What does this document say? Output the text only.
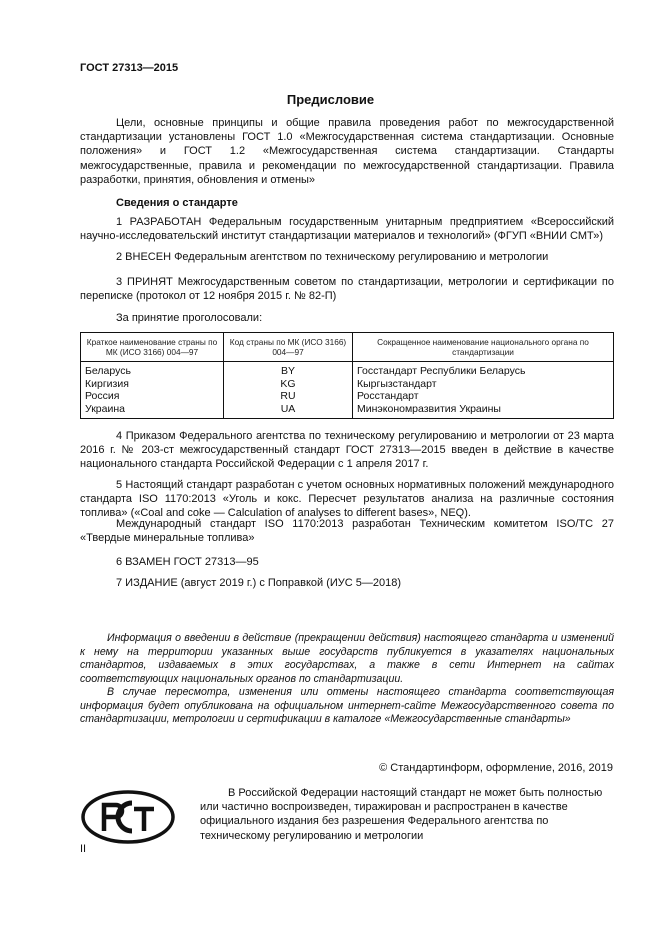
ГОСТ 27313—2015
Предисловие
Цели, основные принципы и общие правила проведения работ по межгосударственной стандартизации установлены ГОСТ 1.0 «Межгосударственная система стандартизации. Основные положения» и ГОСТ 1.2 «Межгосударственная система стандартизации. Стандарты межгосударственные, правила и рекомендации по межгосударственной стандартизации. Правила разработки, принятия, обновления и отмены»
Сведения о стандарте
1 РАЗРАБОТАН Федеральным государственным унитарным предприятием «Всероссийский научно-исследовательский институт стандартизации материалов и технологий» (ФГУП «ВНИИ СМТ»)
2 ВНЕСЕН Федеральным агентством по техническому регулированию и метрологии
3 ПРИНЯТ Межгосударственным советом по стандартизации, метрологии и сертификации по переписке (протокол от 12 ноября 2015 г. № 82-П)
За принятие проголосовали:
Краткое наименование страны по МК (ИСО 3166) 004—97	Код страны по МК (ИСО 3166) 004—97	Сокращенное наименование национального органа по стандартизации
Беларусь	BY	Госстандарт Республики Беларусь
Киргизия	KG	Кыргызстандарт
Россия	RU	Росстандарт
Украина	UA	Минэкономразвития Украины
4 Приказом Федерального агентства по техническому регулированию и метрологии от 23 марта 2016 г. № 203-ст межгосударственный стандарт ГОСТ 27313—2015 введен в действие в качестве национального стандарта Российской Федерации с 1 апреля 2017 г.
5 Настоящий стандарт разработан с учетом основных нормативных положений международного стандарта ISO 1170:2013 «Уголь и кокс. Пересчет результатов анализа на различные состояния топлива» («Coal and coke — Calculation of analyses to different bases», NEQ).
Международный стандарт ISO 1170:2013 разработан Техническим комитетом ISO/TC 27 «Твердые минеральные топлива»
6 ВЗАМЕН ГОСТ 27313—95
7 ИЗДАНИЕ (август 2019 г.) с Поправкой (ИУС 5—2018)
Информация о введении в действие (прекращении действия) настоящего стандарта и изменений к нему на территории указанных выше государств публикуется в указателях национальных стандартов, издаваемых в этих государствах, а также в сети Интернет на сайтах соответствующих национальных органов по стандартизации.
В случае пересмотра, изменения или отмены настоящего стандарта соответствующая информация будет опубликована на официальном интернет-сайте Межгосударственного совета по стандартизации, метрологии и сертификации в каталоге «Межгосударственные стандарты»
© Стандартинформ, оформление, 2016, 2019
В Российской Федерации настоящий стандарт не может быть полностью или частично воспроизведен, тиражирован и распространен в качестве официального издания без разрешения Федерального агентства по техническому регулированию и метрологии
II
